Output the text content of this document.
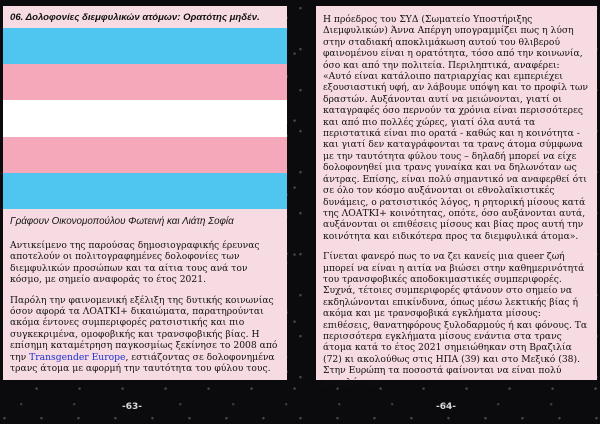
06. Δολοφονίες διεμφυλικών ατόμων: Ορατότης μηδέν.
Γράφουν Οικονομοπούλου Φωτεινή και Λιάτη Σοφία

Αντικείμενο της παρούσας δημοσιογραφικής έρευνας αποτελούν οι πολιτογραφημένες δολοφονίες των διεμφυλικών προσώπων και τα αίτια τους ανά τον κόσμο, με σημείο αναφοράς το έτος 2021.

Παρόλη την φαινομενική εξέλιξη της δυτικής κοινωνίας όσον αφορά τα ΛΟΑΤΚΙ+ δικαιώματα, παρατηρούνται ακόμα έντονες συμπεριφορές ρατσιστικής και πιο συγκεκριμένα, ομοφοβικής και τρανσφοβικής βίας. Η επίσημη καταμέτρηση παγκοσμίως ξεκίνησε το 2008 από την Transgender Europe, εστιάζοντας σε δολοφονημένα τρανς άτομα με αφορμή την ταυτότητα του φύλου τους.

Η πρόεδρος του ΣΥΔ (Σωματείο Υποστήριξης Διεμφυλικών) Άννα Απέργη υπογραμμίζει πως η λύση στην σταδιακή αποκλιμάκωση αυτού του θλιβερού φαινομένου είναι η ορατότητα, τόσο από την κοινωνία, όσο και από την πολιτεία. Περιληπτικά, αναφέρει: «Αυτό είναι κατάλοιπο πατριαρχίας και εμπεριέχει εξουσιαστική υφή, αν λάβουμε υπόψη και το προφίλ των δραστών. Αυξάνονται αυτί να μειώνονται, γιατί οι καταγραφές όσο περνούν τα χρόνια είναι περισσότερες και από πιο πολλές χώρες, γιατί όλα αυτά τα περιστατικά είναι πιο ορατά - καθώς και η κοινότητα - και γιατί δεν καταγράφονται τα τρανς άτομα σύμφωνα με την ταυτότητα φύλου τους – δηλαδή μπορεί να είχε δολοφονηθεί μια τρανς γυναίκα και να δηλωνόταν ως άντρας. Επίσης, είναι πολύ σημαντικό να αναφερθεί ότι σε όλο τον κόσμο αυξάνονται οι εθνολαϊκιστικές δυνάμεις, ο ρατσιστικός λόγος, η ρητορική μίσους κατά της ΛΟΑΤΚΙ+ κοινότητας, οπότε, όσο αυξάνονται αυτά, αυξάνονται οι επιθέσεις μίσους και βίας προς αυτή την κοινότητα και ειδικότερα προς τα διεμφυλικά άτομα».

Γίνεται φανερό πως το να ζει κανείς μια queer ζωή μπορεί να είναι η αιτία να βιώσει στην καθημερινότητά του τρανσφοβικές αποδοκιμαστικές συμπεριφορές. Συχνά, τέτοιες συμπεριφορές φτάνουν στο σημείο να εκδηλώνονται επικίνδυνα, όπως μέσω λεκτικής βίας ή ακόμα και με τρανσφοβικά εγκλήματα μίσους: επιθέσεις, θανατηφόρους ξυλοδαρμούς ή και φόνους. Τα περισσότερα εγκλήματα μίσους ενάντια στα τρανς άτομα κατά το έτος 2021 σημειώθηκαν στη Βραζιλία (72) κι ακολούθως στις ΗΠΑ (39) και στο Μεξικό (38). Στην Ευρώπη τα ποσοστά φαίνονται να είναι πολύ χαμηλότερα

-63-	-64-
